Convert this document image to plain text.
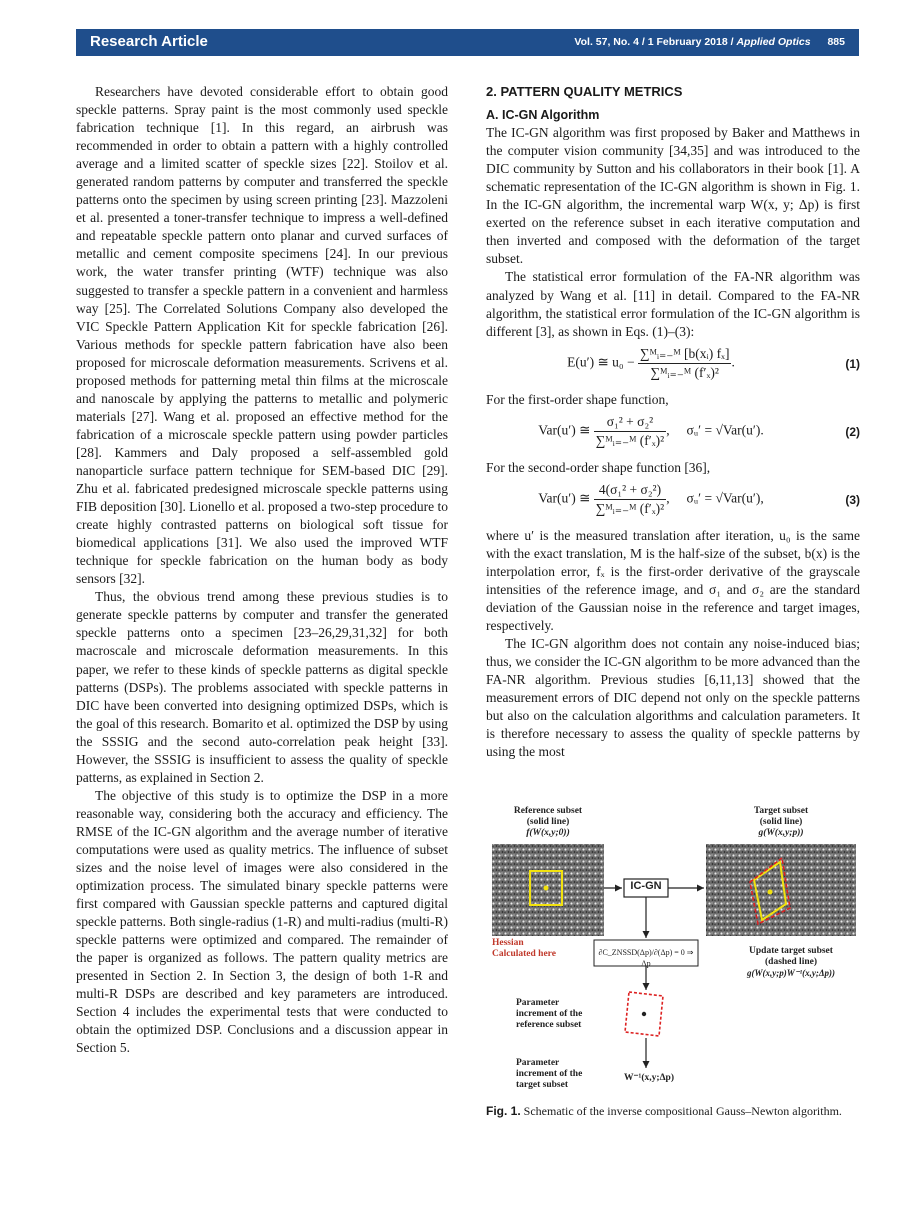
Research Article	Vol. 57, No. 4 / 1 February 2018 / Applied Optics 885

Researchers have devoted considerable effort to obtain good speckle patterns. Spray paint is the most commonly used speckle fabrication technique [1]. In this regard, an airbrush was recommended in order to obtain a pattern with a highly controlled average and a limited scatter of speckle sizes [22]. Stoilov et al. generated random patterns by computer and transferred the speckle patterns onto the specimen by using screen printing [23]. Mazzoleni et al. presented a toner-transfer technique to impress a well-defined and repeatable speckle pattern onto planar and curved surfaces of metallic and cement composite specimens [24]. In our previous work, the water transfer printing (WTF) technique was also suggested to transfer a speckle pattern in a convenient and harmless way [25]. The Correlated Solutions Company also developed the VIC Speckle Pattern Application Kit for speckle fabrication [26]. Various methods for speckle pattern fabrication have also been proposed for microscale deformation measurements. Scrivens et al. proposed methods for patterning metal thin films at the microscale and nanoscale by applying the patterns to metallic and polymeric materials [27]. Wang et al. proposed an effective method for the fabrication of a microscale speckle pattern using powder particles [28]. Kammers and Daly proposed a self-assembled gold nanoparticle surface pattern technique for SEM-based DIC [29]. Zhu et al. fabricated predesigned microscale speckle patterns using FIB deposition [30]. Lionello et al. proposed a two-step procedure to create highly contrasted patterns on biological soft tissue for biomedical applications [31]. We also used the improved WTF technique for speckle fabrication on the human body as body sensors [32].

Thus, the obvious trend among these previous studies is to generate speckle patterns by computer and transfer the generated speckle patterns onto a specimen [23–26,29,31,32] for both macroscale and microscale deformation measurements. In this paper, we refer to these kinds of speckle patterns as digital speckle patterns (DSPs). The problems associated with speckle patterns in DIC have been converted into designing optimized DSPs, which is the goal of this research. Bomarito et al. optimized the DSP by using the SSSIG and the second auto-correlation peak height [33]. However, the SSSIG is insufficient to assess the quality of speckle patterns, as explained in Section 2.

The objective of this study is to optimize the DSP in a more reasonable way, considering both the accuracy and efficiency. The RMSE of the IC-GN algorithm and the average number of iterative computations were used as quality metrics. The influence of subset sizes and the noise level of images were also considered in the optimization process. The simulated binary speckle patterns were first compared with Gaussian speckle patterns and captured digital speckle patterns. Both single-radius (1-R) and multi-radius (multi-R) speckle patterns were optimized and compared. The remainder of the paper is organized as follows. The pattern quality metrics are presented in Section 2. In Section 3, the design of both 1-R and multi-R DSPs are described and key parameters are introduced. Section 4 includes the experimental tests that were conducted to obtain the optimized DSP. Conclusions and a discussion appear in Section 5.

2. PATTERN QUALITY METRICS
A. IC-GN Algorithm

The IC-GN algorithm was first proposed by Baker and Matthews in the computer vision community [34,35] and was introduced to the DIC community by Sutton and his collaborators in their book [1]. A schematic representation of the IC-GN algorithm is shown in Fig. 1. In the IC-GN algorithm, the incremental warp W(x, y; Δp) is first exerted on the reference subset in each iterative computation and then inverted and composed with the deformation of the target subset.

The statistical error formulation of the FA-NR algorithm was analyzed by Wang et al. [11] in detail. Compared to the FA-NR algorithm, the statistical error formulation of the IC-GN algorithm is different [3], as shown in Eqs. (1)–(3):

E(u′) ≅ $u_0 - \frac{\text{∑ᴹᵢ₌₋ᴹ [b(xᵢ) fₓ]}}{\text{∑ᴹᵢ₌₋ᴹ (f′ₓ)²}}$ .	(1)

For the first-order shape function,

Var(u′) ≅ $\frac{\text{σ₁² + σ₂²}}{\text{∑ᴹᵢ₌₋ᴹ (f′ₓ)²}}$ ,     σᵤ′ = √Var(u′).	(2)

For the second-order shape function [36],

Var(u′) ≅ $\frac{\text{4(σ₁² + σ₂²)}}{\text{∑ᴹᵢ₌₋ᴹ (f′ₓ)²}}$ ,     σᵤ′ = √Var(u′),	(3)

where u′ is the measured translation after iteration, u₀ is the same with the exact translation, M is the half-size of the subset, b(x) is the interpolation error, fₓ is the first-order derivative of the grayscale intensities of the reference image, and σ₁ and σ₂ are the standard deviation of the Gaussian noise in the reference and target images, respectively.

The IC-GN algorithm does not contain any noise-induced bias; thus, we consider the IC-GN algorithm to be more advanced than the FA-NR algorithm. Previous studies [6,11,13] showed that the measurement errors of DIC depend not only on the speckle patterns but also on the calculation algorithms and calculation parameters. It is therefore necessary to assess the quality of speckle patterns by using the most

Reference subset
(solid line)
f(W(x,y;0))
Target subset
(solid line)
g(W(x,y;p))
IC-GN
Hessian
Calculated here	∂C_ZNSSD(Δp)/∂(Δp) = 0 ⇒ Δp
Update target subset
(dashed line)
g(W(x,y;p)W⁻¹(x,y;Δp))
Parameter
increment of the
reference subset
Parameter
increment of the
target subset
W⁻¹(x,y;Δp)
Fig. 1. Schematic of the inverse compositional Gauss–Newton algorithm.
